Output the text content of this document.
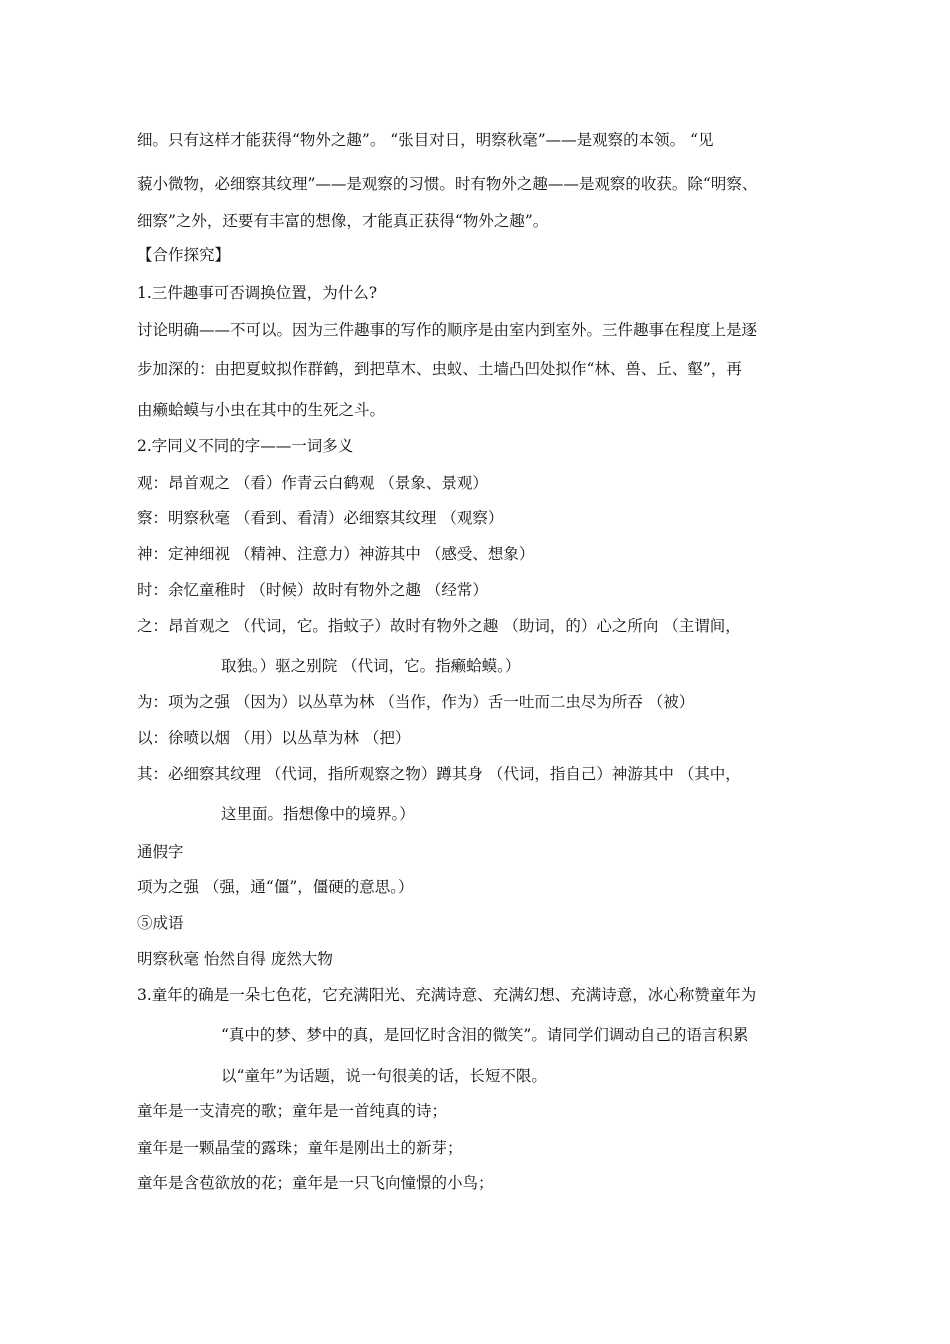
细。只有这样才能获得“物外之趣”。 “张目对日，明察秋毫”——是观察的本领。 “见
藐小微物，必细察其纹理”——是观察的习惯。时有物外之趣——是观察的收获。除“明察、
细察”之外，还要有丰富的想像，才能真正获得“物外之趣”。
【合作探究】
1.三件趣事可否调换位置，为什么?
讨论明确——不可以。因为三件趣事的写作的顺序是由室内到室外。三件趣事在程度上是逐
步加深的：由把夏蚊拟作群鹤，到把草木、虫蚁、土墙凸凹处拟作“林、兽、丘、壑”，再
由癞蛤蟆与小虫在其中的生死之斗。
2.字同义不同的字——一词多义
观：昂首观之 （看）作青云白鹤观 （景象、景观）
察：明察秋毫 （看到、看清）必细察其纹理 （观察）
神：定神细视 （精神、注意力）神游其中 （感受、想象）
时：余忆童稚时 （时候）故时有物外之趣 （经常）
之：昂首观之 （代词，它。指蚊子）故时有物外之趣 （助词，的）心之所向 （主谓间，
取独。）驱之别院 （代词，它。指癞蛤蟆。）
为：项为之强 （因为）以丛草为林 （当作，作为）舌一吐而二虫尽为所吞 （被）
以：徐喷以烟 （用）以丛草为林 （把）
其：必细察其纹理 （代词，指所观察之物）蹲其身 （代词，指自己）神游其中 （其中，
这里面。指想像中的境界。）
通假字
项为之强 （强，通“僵”，僵硬的意思。）
⑤成语
明察秋毫 怡然自得 庞然大物
3.童年的确是一朵七色花，它充满阳光、充满诗意、充满幻想、充满诗意，冰心称赞童年为
“真中的梦、梦中的真，是回忆时含泪的微笑”。请同学们调动自己的语言积累
以“童年”为话题，说一句很美的话，长短不限。
童年是一支清亮的歌；童年是一首纯真的诗；
童年是一颗晶莹的露珠；童年是刚出土的新芽；
童年是含苞欲放的花；童年是一只飞向憧憬的小鸟；
